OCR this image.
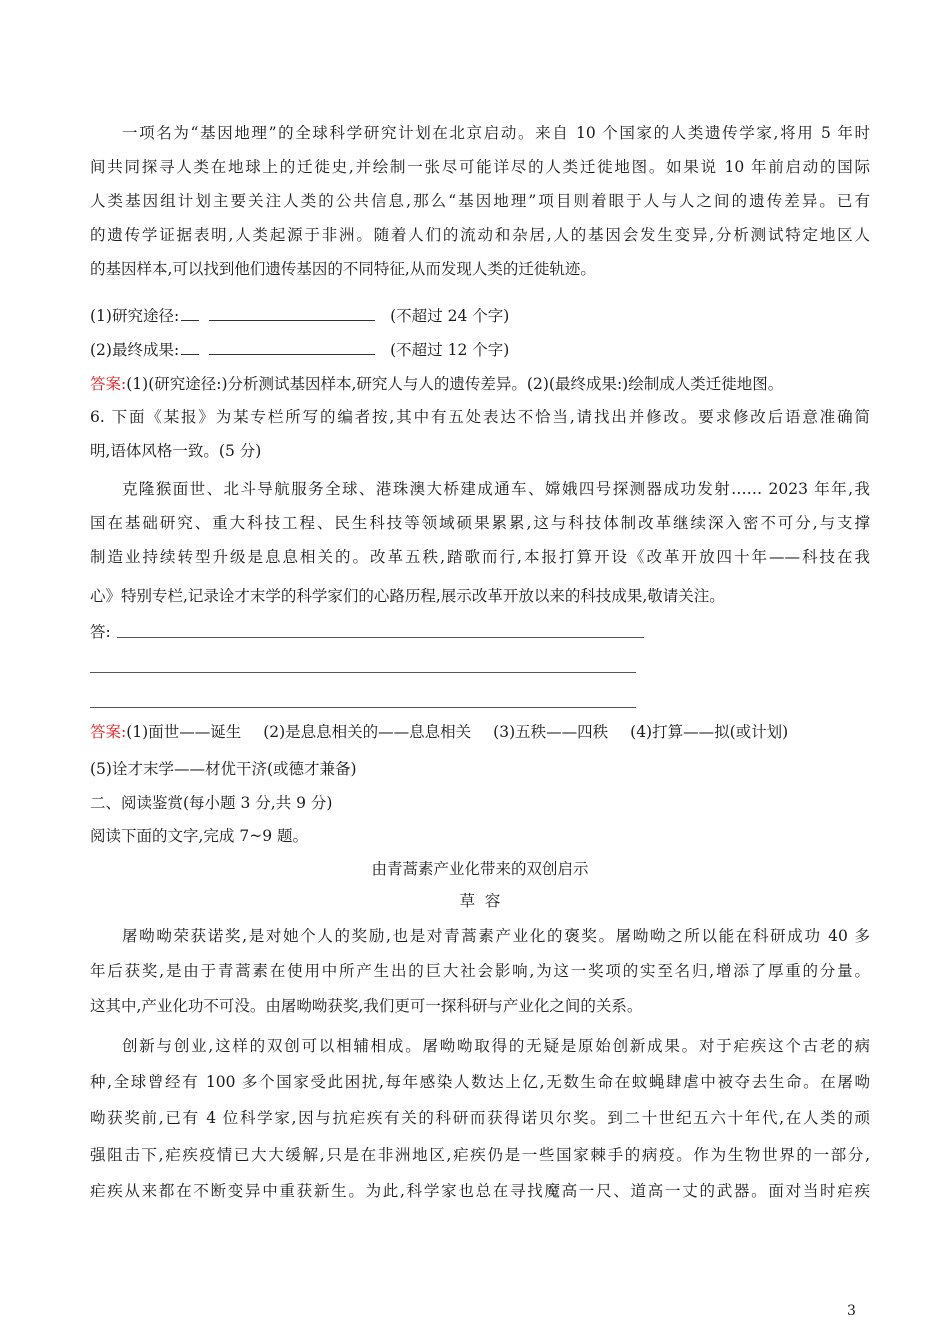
一项名为“基因地理”的全球科学研究计划在北京启动。来自 10 个国家的人类遗传学家,将用 5 年时
间共同探寻人类在地球上的迁徙史,并绘制一张尽可能详尽的人类迁徙地图。如果说 10 年前启动的国际
人类基因组计划主要关注人类的公共信息,那么“基因地理”项目则着眼于人与人之间的遗传差异。已有
的遗传学证据表明,人类起源于非洲。随着人们的流动和杂居,人的基因会发生变异,分析测试特定地区人
的基因样本,可以找到他们遗传基因的不同特征,从而发现人类的迁徙轨迹。
(1)研究途径:	(不超过 24 个字)
(2)最终成果:	(不超过 12 个字)
答案:(1)(研究途径:)分析测试基因样本,研究人与人的遗传差异。(2)(最终成果:)绘制成人类迁徙地图。
6. 下面《某报》为某专栏所写的编者按,其中有五处表达不恰当,请找出并修改。要求修改后语意准确简
明,语体风格一致。(5 分)
克隆猴面世、北斗导航服务全球、港珠澳大桥建成通车、嫦娥四号探测器成功发射…… 2023 年年,我
国在基础研究、重大科技工程、民生科技等领域硕果累累,这与科技体制改革继续深入密不可分,与支撑
制造业持续转型升级是息息相关的。改革五秩,踏歌而行,本报打算开设《改革开放四十年——科技在我
心》特别专栏,记录诠才末学的科学家们的心路历程,展示改革开放以来的科技成果,敬请关注。
答:
答案:(1)面世——诞生 (2)是息息相关的——息息相关 (3)五秩——四秩 (4)打算——拟(或计划)
(5)诠才末学——材优干济(或德才兼备)
二、阅读鉴赏(每小题 3 分,共 9 分)
阅读下面的文字,完成 7~9 题。
由青蒿素产业化带来的双创启示
草  容
屠呦呦荣获诺奖,是对她个人的奖励,也是对青蒿素产业化的褒奖。屠呦呦之所以能在科研成功 40 多
年后获奖,是由于青蒿素在使用中所产生出的巨大社会影响,为这一奖项的实至名归,增添了厚重的分量。
这其中,产业化功不可没。由屠呦呦获奖,我们更可一探科研与产业化之间的关系。
创新与创业,这样的双创可以相辅相成。屠呦呦取得的无疑是原始创新成果。对于疟疾这个古老的病
种,全球曾经有 100 多个国家受此困扰,每年感染人数达上亿,无数生命在蚊蝇肆虐中被夺去生命。在屠呦
呦获奖前,已有 4 位科学家,因与抗疟疾有关的科研而获得诺贝尔奖。到二十世纪五六十年代,在人类的顽
强阻击下,疟疾疫情已大大缓解,只是在非洲地区,疟疾仍是一些国家棘手的病疫。作为生物世界的一部分,
疟疾从来都在不断变异中重获新生。为此,科学家也总在寻找魔高一尺、道高一丈的武器。面对当时疟疾
3
